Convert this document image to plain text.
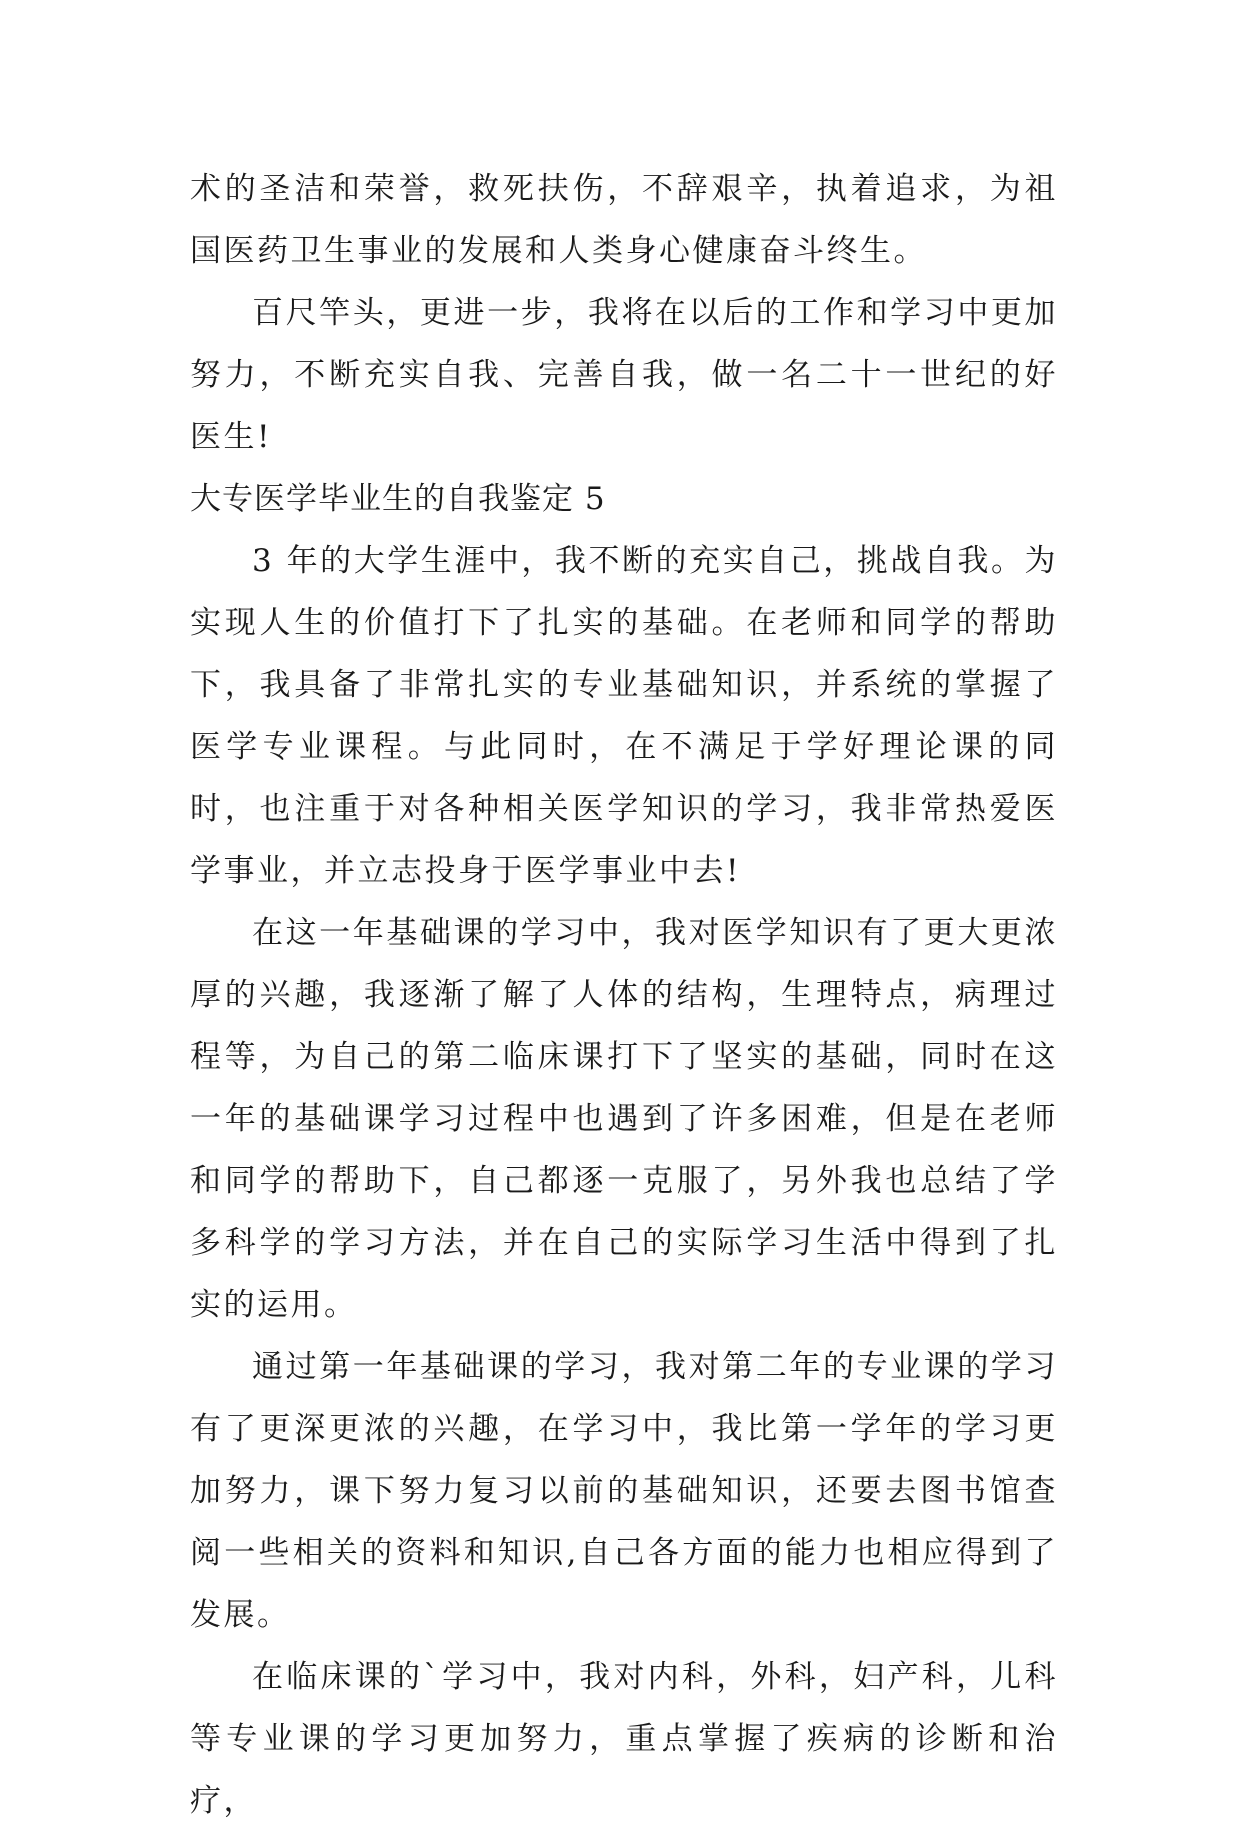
术的圣洁和荣誉，救死扶伤，不辞艰辛，执着追求，为祖国医药卫生事业的发展和人类身心健康奋斗终生。

百尺竿头，更进一步，我将在以后的工作和学习中更加努力，不断充实自我、完善自我，做一名二十一世纪的好医生!

大专医学毕业生的自我鉴定 5

3 年的大学生涯中，我不断的充实自己，挑战自我。为实现人生的价值打下了扎实的基础。在老师和同学的帮助下，我具备了非常扎实的专业基础知识，并系统的掌握了医学专业课程。与此同时，在不满足于学好理论课的同时，也注重于对各种相关医学知识的学习，我非常热爱医学事业，并立志投身于医学事业中去!

在这一年基础课的学习中，我对医学知识有了更大更浓厚的兴趣，我逐渐了解了人体的结构，生理特点，病理过程等，为自己的第二临床课打下了坚实的基础，同时在这一年的基础课学习过程中也遇到了许多困难，但是在老师和同学的帮助下，自己都逐一克服了，另外我也总结了学多科学的学习方法，并在自己的实际学习生活中得到了扎实的运用。

通过第一年基础课的学习，我对第二年的专业课的学习有了更深更浓的兴趣，在学习中，我比第一学年的学习更加努力，课下努力复习以前的基础知识，还要去图书馆查阅一些相关的资料和知识,自己各方面的能力也相应得到了发展。

在临床课的`学习中，我对内科，外科，妇产科，儿科等专业课的学习更加努力，重点掌握了疾病的诊断和治疗，
